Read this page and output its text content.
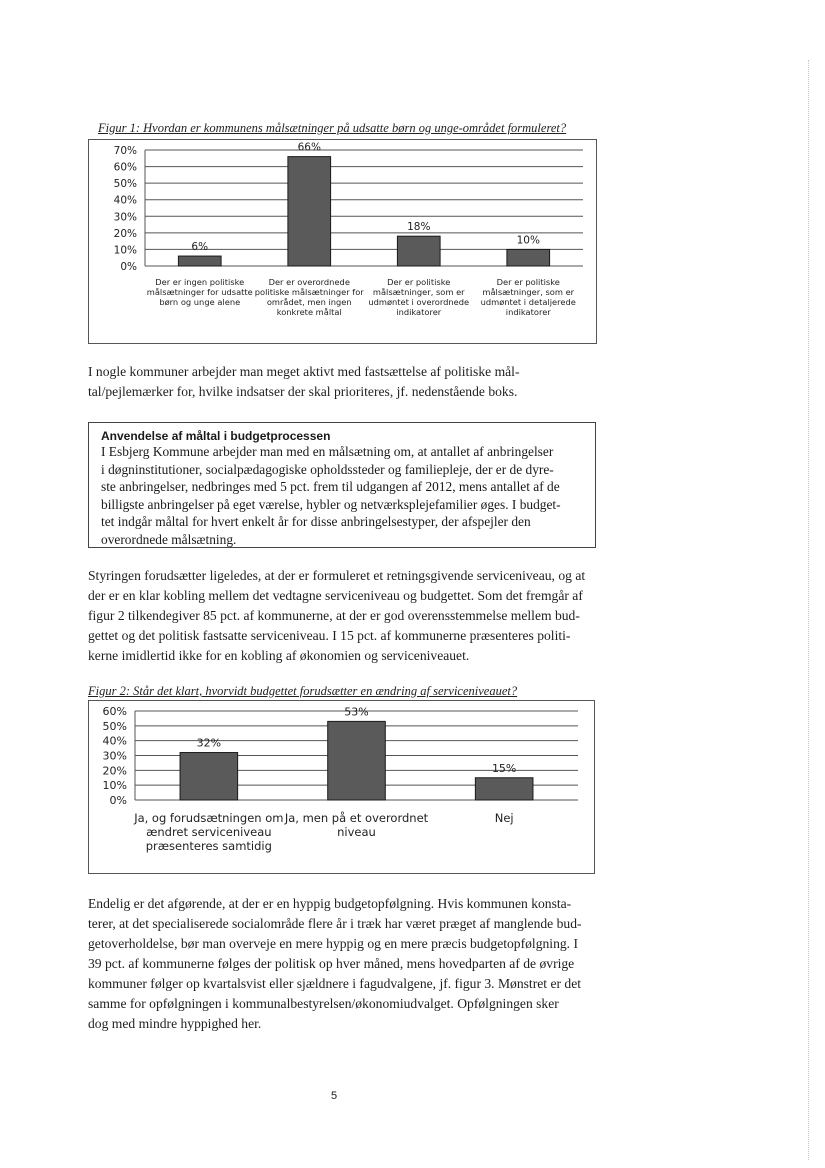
Figur 1: Hvordan er kommunens målsætninger på udsatte børn og unge-området formuleret?
0%
10%
20%
30%
40%
50%
60%
70%
6%
66%
18%
10%
Der er ingen politiske målsætninger for udsatte børn og unge alene
Der er overordnede politiske målsætninger for området, men ingen konkrete måltal
Der er politiske målsætninger, som er udmøntet i overordnede indikatorer
Der er politiske målsætninger, som er udmøntet i detaljerede indikatorer

I nogle kommuner arbejder man meget aktivt med fastsættelse af politiske mål-
tal/pejlemærker for, hvilke indsatser der skal prioriteres, jf. nedenstående boks.

Anvendelse af måltal i budgetprocessen
I Esbjerg Kommune arbejder man med en målsætning om, at antallet af anbringelser
i døgninstitutioner, socialpædagogiske opholdssteder og familiepleje, der er de dyre-
ste anbringelser, nedbringes med 5 pct. frem til udgangen af 2012, mens antallet af de
billigste anbringelser på eget værelse, hybler og netværksplejefamilier øges. I budget-
tet indgår måltal for hvert enkelt år for disse anbringelsestyper, der afspejler den
overordnede målsætning.

Styringen forudsætter ligeledes, at der er formuleret et retningsgivende serviceniveau, og at
der er en klar kobling mellem det vedtagne serviceniveau og budgettet. Som det fremgår af
figur 2 tilkendegiver 85 pct. af kommunerne, at der er god overensstemmelse mellem bud-
gettet og det politisk fastsatte serviceniveau. I 15 pct. af kommunerne præsenteres politi-
kerne imidlertid ikke for en kobling af økonomien og serviceniveauet.

Figur 2: Står det klart, hvorvidt budgettet forudsætter en ændring af serviceniveauet?
0%
10%
20%
30%
40%
50%
60%
32%
53%
15%
Ja, og forudsætningen om ændret serviceniveau præsenteres samtidig
Ja, men på et overordnet niveau
Nej

Endelig er det afgørende, at der er en hyppig budgetopfølgning. Hvis kommunen konsta-
terer, at det specialiserede socialområde flere år i træk har været præget af manglende bud-
getoverholdelse, bør man overveje en mere hyppig og en mere præcis budgetopfølgning. I
39 pct. af kommunerne følges der politisk op hver måned, mens hovedparten af de øvrige
kommuner følger op kvartalsvist eller sjældnere i fagudvalgene, jf. figur 3. Mønstret er det
samme for opfølgningen i kommunalbestyrelsen/økonomiudvalget. Opfølgningen sker
dog med mindre hyppighed her.

5
